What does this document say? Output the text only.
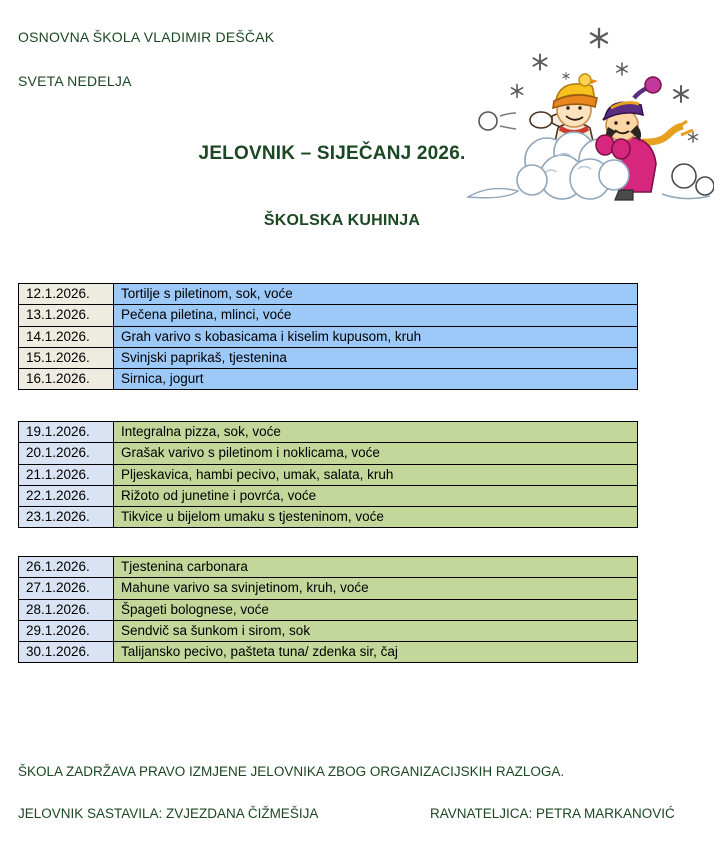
OSNOVNA ŠKOLA VLADIMIR DEŠČAK

SVETA NEDELJA

JELOVNIK – SIJEČANJ 2026.
ŠKOLSKA KUHINJA
12.1.2026.	Tortilje s piletinom, sok, voće
13.1.2026.	Pečena piletina, mlinci, voće
14.1.2026.	Grah varivo s kobasicama i kiselim kupusom, kruh
15.1.2026.	Svinjski paprikaš, tjestenina
16.1.2026.	Sirnica, jogurt
19.1.2026.	Integralna pizza, sok, voće
20.1.2026.	Grašak varivo s piletinom i noklicama, voće
21.1.2026.	Pljeskavica, hambi pecivo, umak, salata, kruh
22.1.2026.	Rižoto od junetine i povrća, voće
23.1.2026.	Tikvice u bijelom umaku s tjesteninom, voće
26.1.2026.	Tjestenina carbonara
27.1.2026.	Mahune varivo sa svinjetinom, kruh, voće
28.1.2026.	Špageti bolognese, voće
29.1.2026.	Sendvič sa šunkom i sirom, sok
30.1.2026.	Talijansko pecivo, pašteta tuna/ zdenka sir, čaj
ŠKOLA ZADRŽAVA PRAVO IZMJENE JELOVNIKA ZBOG ORGANIZACIJSKIH RAZLOGA.
JELOVNIK SASTAVILA: ZVJEZDANA ČIŽMEŠIJA	RAVNATELJICA: PETRA MARKANOVIĆ
